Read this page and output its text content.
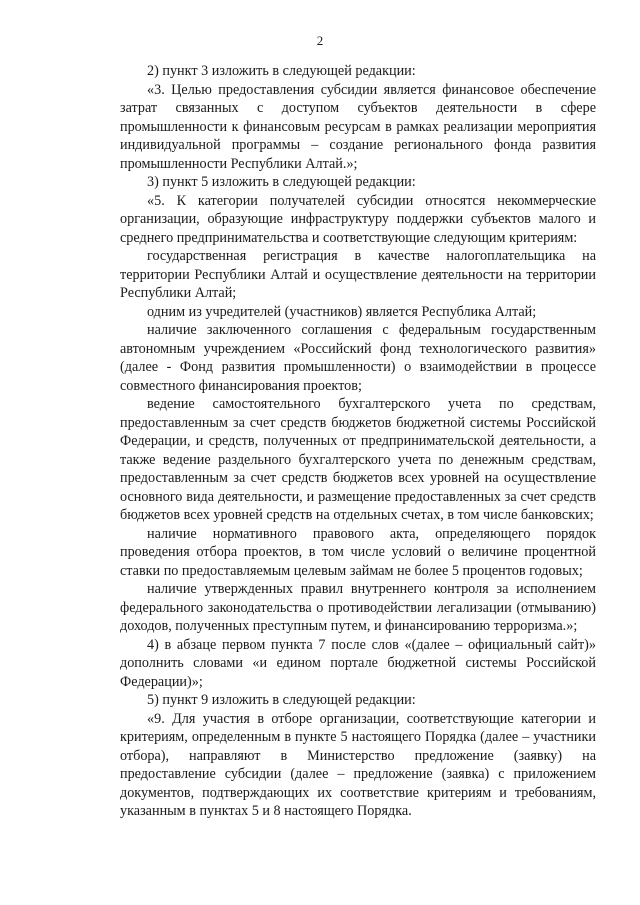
2

2) пункт 3 изложить в следующей редакции:

«3. Целью предоставления субсидии является финансовое обеспечение затрат связанных с доступом субъектов деятельности в сфере промышленности к финансовым ресурсам в рамках реализации мероприятия индивидуальной программы – создание регионального фонда развития промышленности Республики Алтай.»;

3) пункт 5 изложить в следующей редакции:

«5. К категории получателей субсидии относятся некоммерческие организации, образующие инфраструктуру поддержки субъектов малого и среднего предпринимательства и соответствующие следующим критериям:

государственная регистрация в качестве налогоплательщика на территории Республики Алтай и осуществление деятельности на территории Республики Алтай;

одним из учредителей (участников) является Республика Алтай;

наличие заключенного соглашения с федеральным государственным автономным учреждением «Российский фонд технологического развития» (далее - Фонд развития промышленности) о взаимодействии в процессе совместного финансирования проектов;

ведение самостоятельного бухгалтерского учета по средствам, предоставленным за счет средств бюджетов бюджетной системы Российской Федерации, и средств, полученных от предпринимательской деятельности, а также ведение раздельного бухгалтерского учета по денежным средствам, предоставленным за счет средств бюджетов всех уровней на осуществление основного вида деятельности, и размещение предоставленных за счет средств бюджетов всех уровней средств на отдельных счетах, в том числе банковских;

наличие нормативного правового акта, определяющего порядок проведения отбора проектов, в том числе условий о величине процентной ставки по предоставляемым целевым займам не более 5 процентов годовых;

наличие утвержденных правил внутреннего контроля за исполнением федерального законодательства о противодействии легализации (отмыванию) доходов, полученных преступным путем, и финансированию терроризма.»;

4) в абзаце первом пункта 7 после слов «(далее – официальный сайт)» дополнить словами «и едином портале бюджетной системы Российской Федерации)»;

5) пункт 9 изложить в следующей редакции:

«9. Для участия в отборе организации, соответствующие категории и критериям, определенным в пункте 5 настоящего Порядка (далее – участники отбора), направляют в Министерство предложение (заявку) на предоставление субсидии (далее – предложение (заявка) с приложением документов, подтверждающих их соответствие критериям и требованиям, указанным в пунктах 5 и 8 настоящего Порядка.
